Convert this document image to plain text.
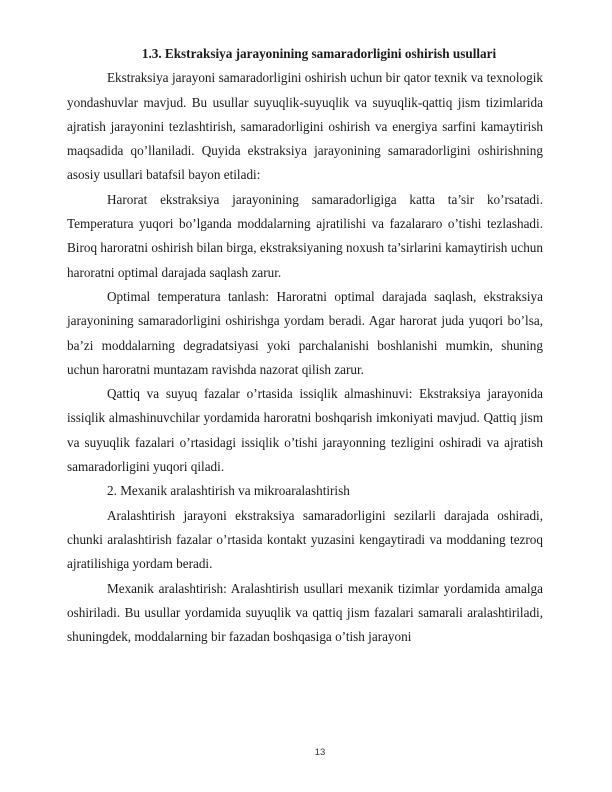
1.3. Ekstraksiya jarayonining samaradorligini oshirish usullari

Ekstraksiya jarayoni samaradorligini oshirish uchun bir qator texnik va texnologik yondashuvlar mavjud. Bu usullar suyuqlik-suyuqlik va suyuqlik-qattiq jism tizimlarida ajratish jarayonini tezlashtirish, samaradorligini oshirish va energiya sarfini kamaytirish maqsadida qo’llaniladi. Quyida ekstraksiya jarayonining samaradorligini oshirishning asosiy usullari batafsil bayon etiladi:

Harorat ekstraksiya jarayonining samaradorligiga katta ta’sir ko’rsatadi. Temperatura yuqori bo’lganda moddalarning ajratilishi va fazalararo o’tishi tezlashadi. Biroq haroratni oshirish bilan birga, ekstraksiyaning noxush ta’sirlarini kamaytirish uchun haroratni optimal darajada saqlash zarur.

Optimal temperatura tanlash: Haroratni optimal darajada saqlash, ekstraksiya jarayonining samaradorligini oshirishga yordam beradi. Agar harorat juda yuqori bo’lsa, ba’zi moddalarning degradatsiyasi yoki parchalanishi boshlanishi mumkin, shuning uchun haroratni muntazam ravishda nazorat qilish zarur.

Qattiq va suyuq fazalar o’rtasida issiqlik almashinuvi: Ekstraksiya jarayonida issiqlik almashinuvchilar yordamida haroratni boshqarish imkoniyati mavjud. Qattiq jism va suyuqlik fazalari o’rtasidagi issiqlik o’tishi jarayonning tezligini oshiradi va ajratish samaradorligini yuqori qiladi.

2. Mexanik aralashtirish va mikroaralashtirish

Aralashtirish jarayoni ekstraksiya samaradorligini sezilarli darajada oshiradi, chunki aralashtirish fazalar o’rtasida kontakt yuzasini kengaytiradi va moddaning tezroq ajratilishiga yordam beradi.

Mexanik aralashtirish: Aralashtirish usullari mexanik tizimlar yordamida amalga oshiriladi. Bu usullar yordamida suyuqlik va qattiq jism fazalari samarali aralashtiriladi, shuningdek, moddalarning bir fazadan boshqasiga o’tish jarayoni

13
